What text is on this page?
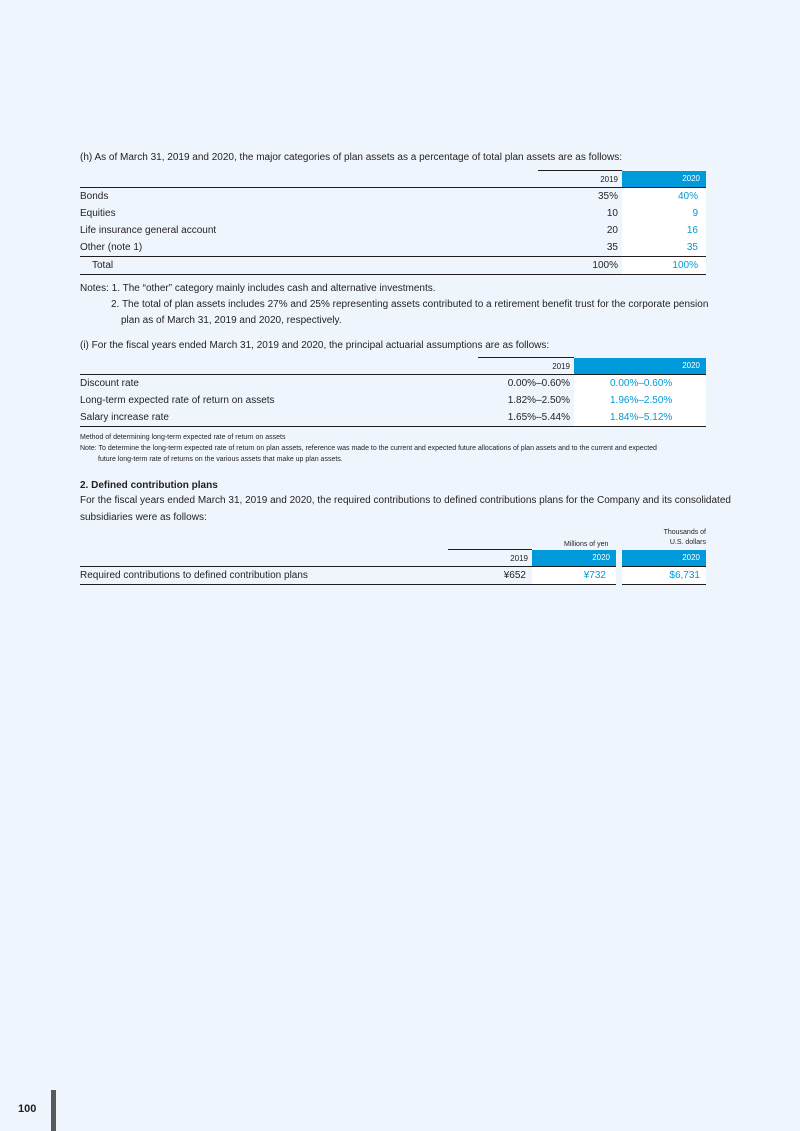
(h) As of March 31, 2019 and 2020, the major categories of plan assets as a percentage of total plan assets are as follows:
	2019	2020
Bonds	35%	40%
Equities	10	9
Life insurance general account	20	16
Other (note 1)	35	35
Total	100%	100%
Notes: 1. The “other” category mainly includes cash and alternative investments.
2. The total of plan assets includes 27% and 25% representing assets contributed to a retirement benefit trust for the corporate pension
plan as of March 31, 2019 and 2020, respectively.
(i) For the fiscal years ended March 31, 2019 and 2020, the principal actuarial assumptions are as follows:
	2019	2020
Discount rate	0.00%–0.60%	0.00%–0.60%
Long-term expected rate of return on assets	1.82%–2.50%	1.96%–2.50%
Salary increase rate	1.65%–5.44%	1.84%–5.12%
Method of determining long-term expected rate of return on assets
Note: To determine the long-term expected rate of return on plan assets, reference was made to the current and expected future allocations of plan assets and to the current and expected
future long-term rate of returns on the various assets that make up plan assets.
2. Defined contribution plans
For the fiscal years ended March 31, 2019 and 2020, the required contributions to defined contributions plans for the Company and its consolidated
subsidiaries were as follows:
Millions of yen
Thousands of
U.S. dollars
	2019	2020		2020
Required contributions to defined contribution plans	¥652	¥732		$6,731
100
